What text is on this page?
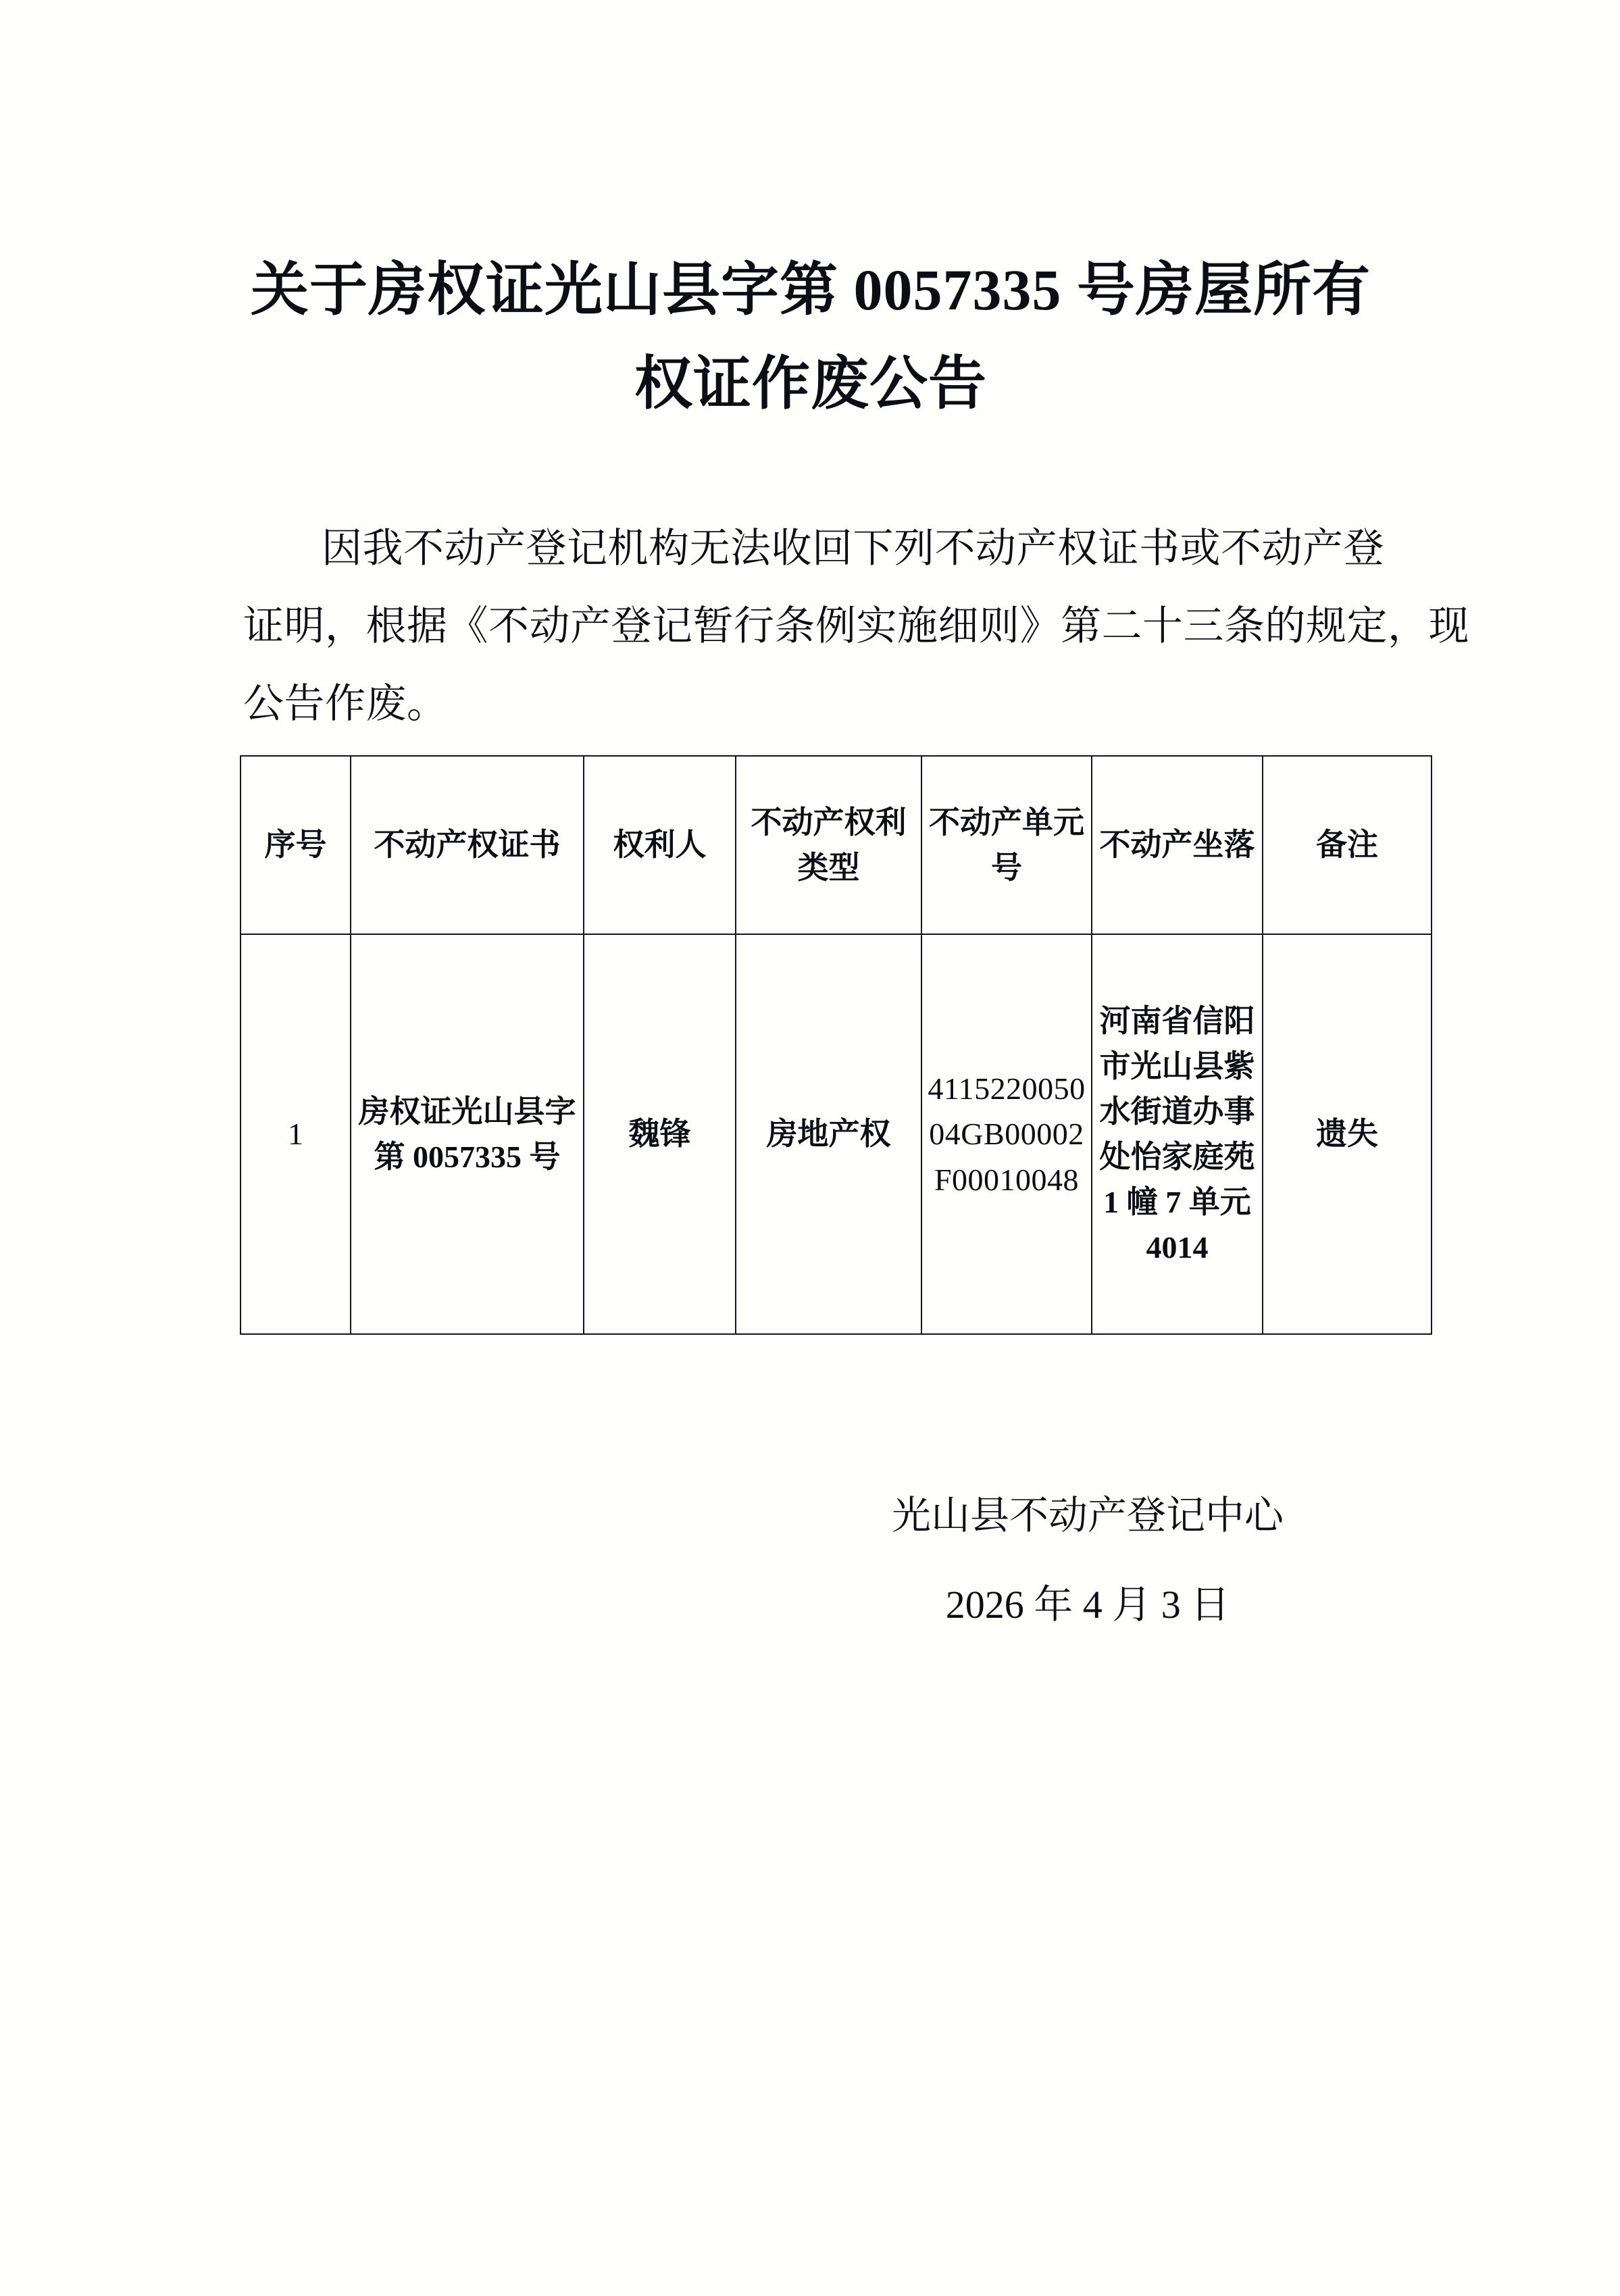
关于房权证光山县字第 0057335 号房屋所有
权证作废公告
因我不动产登记机构无法收回下列不动产权证书或不动产登
证明，根据《不动产登记暂行条例实施细则》第二十三条的规定，现
公告作废。
序号	不动产权证书	权利人	不动产权利类型	不动产单元号	不动产坐落	备注
1	房权证光山县字第 0057335 号	魏锋	房地产权	411522005004GB00002F00010048	河南省信阳市光山县紫水街道办事处怡家庭苑 1 幢 7 单元 4014	遗失
光山县不动产登记中心
2026 年 4 月 3 日
